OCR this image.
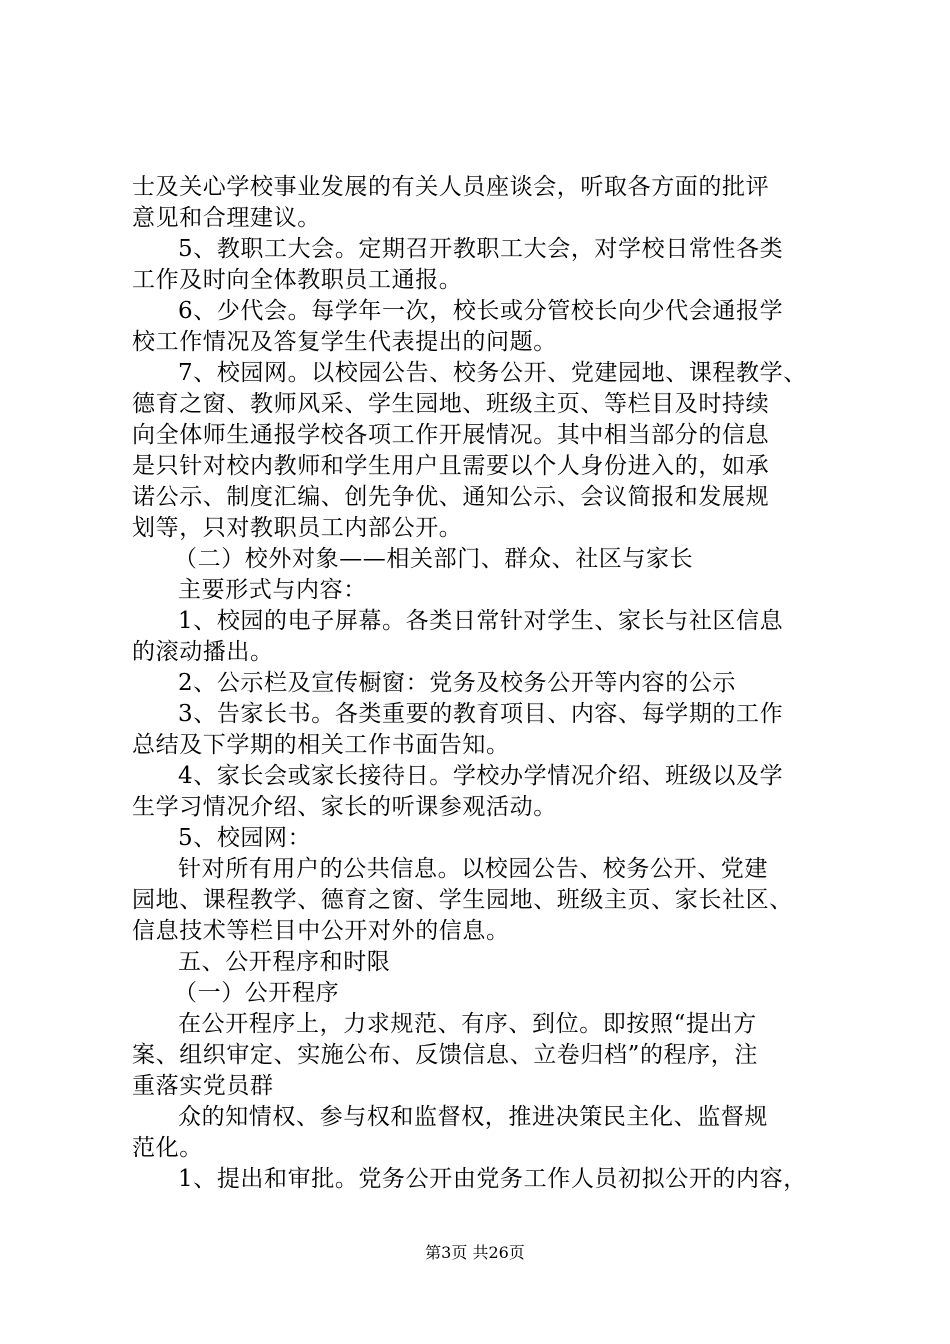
士及关心学校事业发展的有关人员座谈会，听取各方面的批评
意见和合理建议。
5、教职工大会。定期召开教职工大会，对学校日常性各类
工作及时向全体教职员工通报。
6、少代会。每学年一次，校长或分管校长向少代会通报学
校工作情况及答复学生代表提出的问题。
7、校园网。以校园公告、校务公开、党建园地、课程教学、
德育之窗、教师风采、学生园地、班级主页、等栏目及时持续
向全体师生通报学校各项工作开展情况。其中相当部分的信息
是只针对校内教师和学生用户且需要以个人身份进入的，如承
诺公示、制度汇编、创先争优、通知公示、会议简报和发展规
划等，只对教职员工内部公开。
（二）校外对象——相关部门、群众、社区与家长
主要形式与内容：
1、校园的电子屏幕。各类日常针对学生、家长与社区信息
的滚动播出。
2、公示栏及宣传橱窗：党务及校务公开等内容的公示
3、告家长书。各类重要的教育项目、内容、每学期的工作
总结及下学期的相关工作书面告知。
4、家长会或家长接待日。学校办学情况介绍、班级以及学
生学习情况介绍、家长的听课参观活动。
5、校园网：
针对所有用户的公共信息。以校园公告、校务公开、党建
园地、课程教学、德育之窗、学生园地、班级主页、家长社区、
信息技术等栏目中公开对外的信息。
五、公开程序和时限
（一）公开程序
在公开程序上，力求规范、有序、到位。即按照“提出方
案、组织审定、实施公布、反馈信息、立卷归档”的程序，注
重落实党员群
众的知情权、参与权和监督权，推进决策民主化、监督规
范化。
1、提出和审批。党务公开由党务工作人员初拟公开的内容，
第3页 共26页
